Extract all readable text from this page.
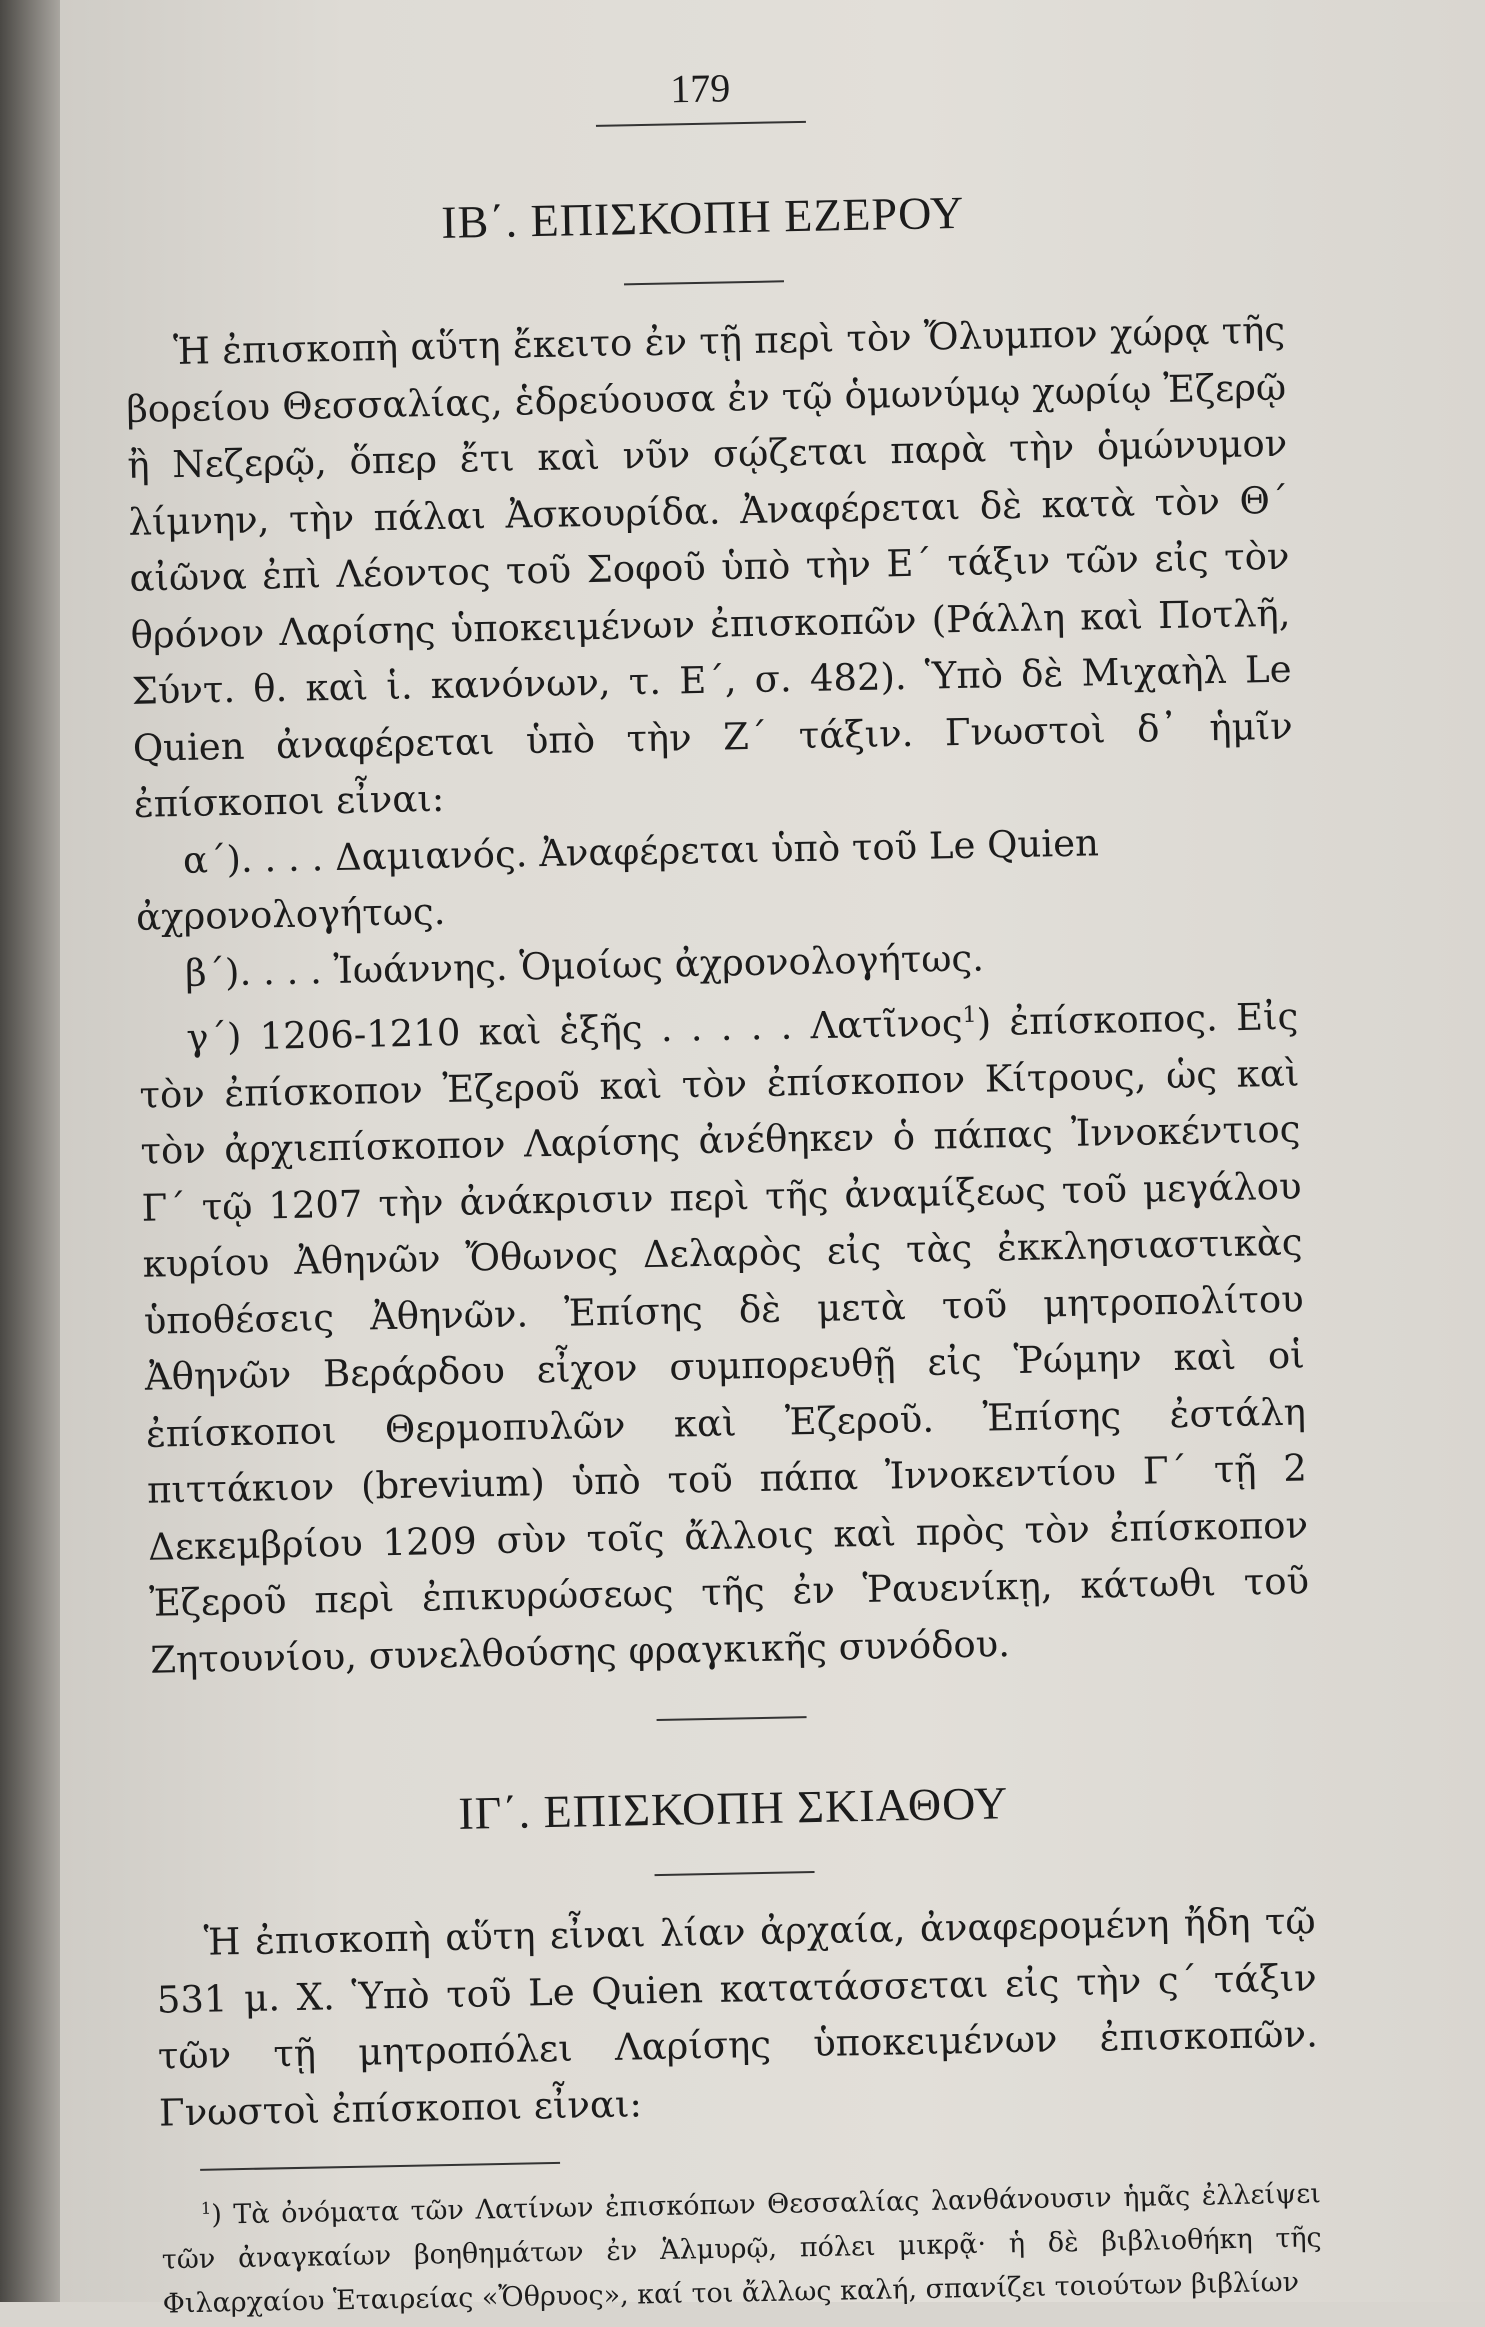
179
ΙΒ΄. ΕΠΙΣΚΟΠΗ ΕΖΕΡΟΥ

Ἡ ἐπισκοπὴ αὕτη ἔκειτο ἐν τῇ περὶ τὸν Ὄλυμπον χώρᾳ τῆς βορείου Θεσσαλίας, ἑδρεύουσα ἐν τῷ ὁμωνύμῳ χωρίῳ Ἐζερῷ ἢ Νεζερῷ, ὅπερ ἔτι καὶ νῦν σῴζεται παρὰ τὴν ὁμώνυμον λίμνην, τὴν πάλαι Ἀσκουρίδα. Ἀναφέρεται δὲ κατὰ τὸν Θ΄ αἰῶνα ἐπὶ Λέοντος τοῦ Σοφοῦ ὑπὸ τὴν Ε΄ τάξιν τῶν εἰς τὸν θρόνον Λαρίσης ὑποκειμένων ἐπισκοπῶν (Ράλλη καὶ Ποτλῆ, Σύντ. θ. καὶ ἱ. κανόνων, τ. Ε΄, σ. 482). Ὑπὸ δὲ Μιχαὴλ Le Quien ἀναφέρεται ὑπὸ τὴν Ζ΄ τάξιν. Γνωστοὶ δ᾽ ἡμῖν ἐπίσκοποι εἶναι:

α΄). . . . Δαμιανός. Ἀναφέρεται ὑπὸ τοῦ Le Quien ἀχρονολογήτως.

β΄). . . . Ἰωάννης. Ὁμοίως ἀχρονολογήτως.

γ΄) 1206-1210 καὶ ἑξῆς . . . . . Λατῖνος$^1$) ἐπίσκοπος. Εἰς τὸν ἐπίσκοπον Ἐζεροῦ καὶ τὸν ἐπίσκοπον Κίτρους, ὡς καὶ τὸν ἀρχιεπίσκοπον Λαρίσης ἀνέθηκεν ὁ πάπας Ἰννοκέντιος Γ΄ τῷ 1207 τὴν ἀνάκρισιν περὶ τῆς ἀναμίξεως τοῦ μεγάλου κυρίου Ἀθηνῶν Ὄθωνος Δελαρὸς εἰς τὰς ἐκκλησιαστικὰς ὑποθέσεις Ἀθηνῶν. Ἐπίσης δὲ μετὰ τοῦ μητροπολίτου Ἀθηνῶν Βεράρδου εἶχον συμπορευθῇ εἰς Ῥώμην καὶ οἱ ἐπίσκοποι Θερμοπυλῶν καὶ Ἐζεροῦ. Ἐπίσης ἐστάλη πιττάκιον (brevium) ὑπὸ τοῦ πάπα Ἰννοκεντίου Γ΄ τῇ 2 Δεκεμβρίου 1209 σὺν τοῖς ἄλλοις καὶ πρὸς τὸν ἐπίσκοπον Ἐζεροῦ περὶ ἐπικυρώσεως τῆς ἐν Ῥαυενίκῃ, κάτωθι τοῦ Ζητουνίου, συνελθούσης φραγκικῆς συνόδου.

ΙΓ΄. ΕΠΙΣΚΟΠΗ ΣΚΙΑΘΟΥ

Ἡ ἐπισκοπὴ αὕτη εἶναι λίαν ἀρχαία, ἀναφερομένη ἤδη τῷ 531 μ. Χ. Ὑπὸ τοῦ Le Quien κατατάσσεται εἰς τὴν ς΄ τάξιν τῶν τῇ μητροπόλει Λαρίσης ὑποκειμένων ἐπισκοπῶν. Γνωστοὶ ἐπίσκοποι εἶναι:

$^1$) Τὰ ὀνόματα τῶν Λατίνων ἐπισκόπων Θεσσαλίας λανθάνουσιν ἡμᾶς ἐλλείψει τῶν ἀναγκαίων βοηθημάτων ἐν Ἁλμυρῷ, πόλει μικρᾷ· ἡ δὲ βιβλιοθήκη τῆς Φιλαρχαίου Ἑταιρείας «Ὄθρυος», καί τοι ἄλλως καλή, σπανίζει τοιούτων βιβλίων
